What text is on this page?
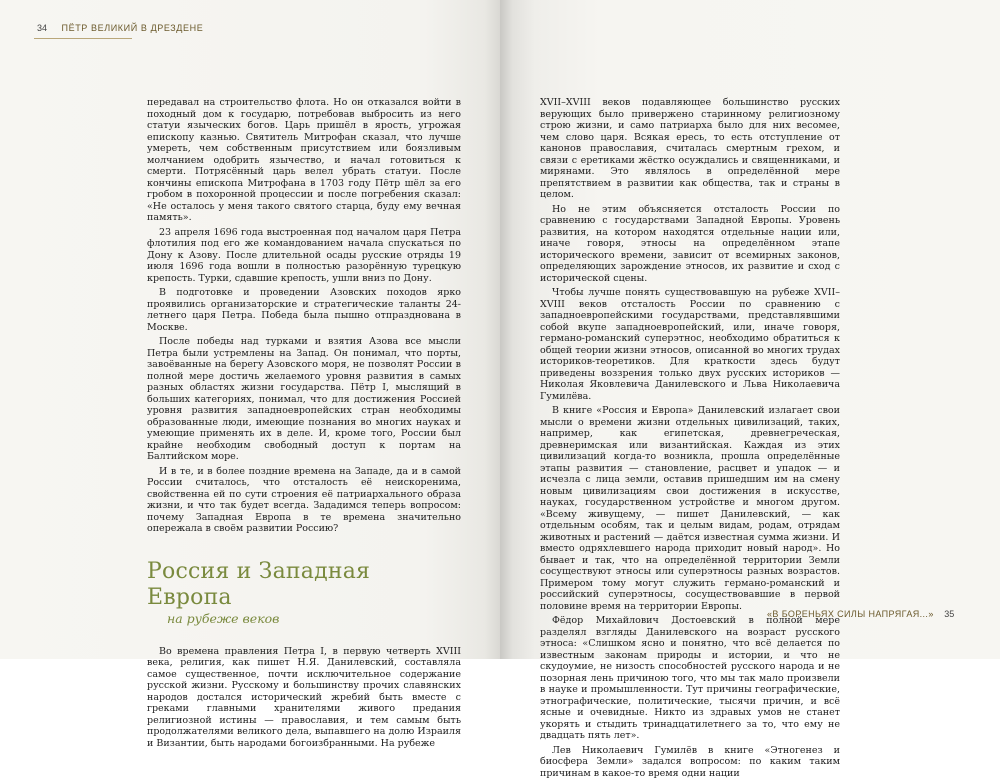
34 ПЁТР ВЕЛИКИЙ В ДРЕЗДЕНЕ

передавал на строительство флота. Но он отказался войти в походный дом к государю, потребовав выбросить из него статуи языческих богов. Царь пришёл в ярость, угрожая епископу казнью. Святитель Митрофан сказал, что лучше умереть, чем собственным присутствием или боязливым молчанием одобрить язычество, и начал готовиться к смерти. Потрясённый царь велел убрать статуи. После кончины епископа Митрофана в 1703 году Пётр шёл за его гробом в похоронной процессии и после погребения сказал: «Не осталось у меня такого святого старца, буду ему вечная память».

23 апреля 1696 года выстроенная под началом царя Петра флотилия под его же командованием начала спускаться по Дону к Азову. После длительной осады русские отряды 19 июля 1696 года вошли в полностью разорённую турецкую крепость. Турки, сдавшие крепость, ушли вниз по Дону.

В подготовке и проведении Азовских походов ярко проявились организаторские и стратегические таланты 24-летнего царя Петра. Победа была пышно отпразднована в Москве.

После победы над турками и взятия Азова все мысли Петра были устремлены на Запад. Он понимал, что порты, завоёванные на берегу Азовского моря, не позволят России в полной мере достичь желаемого уровня развития в самых разных областях жизни государства. Пётр I, мыслящий в больших категориях, понимал, что для достижения Россией уровня развития западноевропейских стран необходимы образованные люди, имеющие познания во многих науках и умеющие применять их в деле. И, кроме того, России был крайне необходим свободный доступ к портам на Балтийском море.

И в те, и в более поздние времена на Западе, да и в самой России считалось, что отсталость её неискоренима, свойственна ей по сути строения её патриархального образа жизни, и что так будет всегда. Зададимся теперь вопросом: почему Западная Европа в те времена значительно опережала в своём развитии Россию?

Россия и Западная Европа
на рубеже веков

Во времена правления Петра I, в первую четверть XVIII века, религия, как пишет Н.Я. Данилевский, составляла самое существенное, почти исключительное содержание русской жизни. Русскому и большинству прочих славянских народов достался исторический жребий быть вместе с греками главными хранителями живого предания религиозной истины — православия, и тем самым быть продолжателями великого дела, выпавшего на долю Израиля и Византии, быть народами богоизбранными. На рубеже

XVII–XVIII веков подавляющее большинство русских верующих было привержено старинному религиозному строю жизни, и само патриарха было для них весомее, чем слово царя. Всякая ересь, то есть отступление от канонов православия, считалась смертным грехом, и связи с еретиками жёстко осуждались и священниками, и мирянами. Это являлось в определённой мере препятствием в развитии как общества, так и страны в целом.

Но не этим объясняется отсталость России по сравнению с государствами Западной Европы. Уровень развития, на котором находятся отдельные нации или, иначе говоря, этносы на определённом этапе исторического времени, зависит от всемирных законов, определяющих зарождение этносов, их развитие и сход с исторической сцены.

Чтобы лучше понять существовавшую на рубеже XVII–XVIII веков отсталость России по сравнению с западноевропейскими государствами, представлявшими собой вкупе западноевропейский, или, иначе говоря, германо-романский суперэтнос, необходимо обратиться к общей теории жизни этносов, описанной во многих трудах историков-теоретиков. Для краткости здесь будут приведены воззрения только двух русских историков — Николая Яковлевича Данилевского и Льва Николаевича Гумилёва.

В книге «Россия и Европа» Данилевский излагает свои мысли о времени жизни отдельных цивилизаций, таких, например, как египетская, древнегреческая, древнеримская или византийская. Каждая из этих цивилизаций когда-то возникла, прошла определённые этапы развития — становление, расцвет и упадок — и исчезла с лица земли, оставив пришедшим им на смену новым цивилизациям свои достижения в искусстве, науках, государственном устройстве и многом другом. «Всему живущему, — пишет Данилевский, — как отдельным особям, так и целым видам, родам, отрядам животных и растений — даётся известная сумма жизни. И вместо одряхлевшего народа приходит новый народ». Но бывает и так, что на определённой территории Земли сосуществуют этносы или суперэтносы разных возрастов. Примером тому могут служить германо-романский и российский суперэтносы, сосуществовавшие в первой половине время на территории Европы.

Фёдор Михайлович Достоевский в полной мере разделял взгляды Данилевского на возраст русского этноса: «Слишком ясно и понятно, что всё делается по известным законам природы и истории, и что не скудоумие, не низость способностей русского народа и не позорная лень причиною того, что мы так мало произвели в науке и промышленности. Тут причины географические, этнографические, политические, тысячи причин, и всё ясные и очевидные. Никто из здравых умов не станет укорять и стыдить тринадцатилетнего за то, что ему не двадцать пять лет».

Лев Николаевич Гумилёв в книге «Этногенез и биосфера Земли» задался вопросом: по каким таким причинам в какое-то время одни нации

«В БОРЕНЬЯХ СИЛЫ НАПРЯГАЯ...» 35
